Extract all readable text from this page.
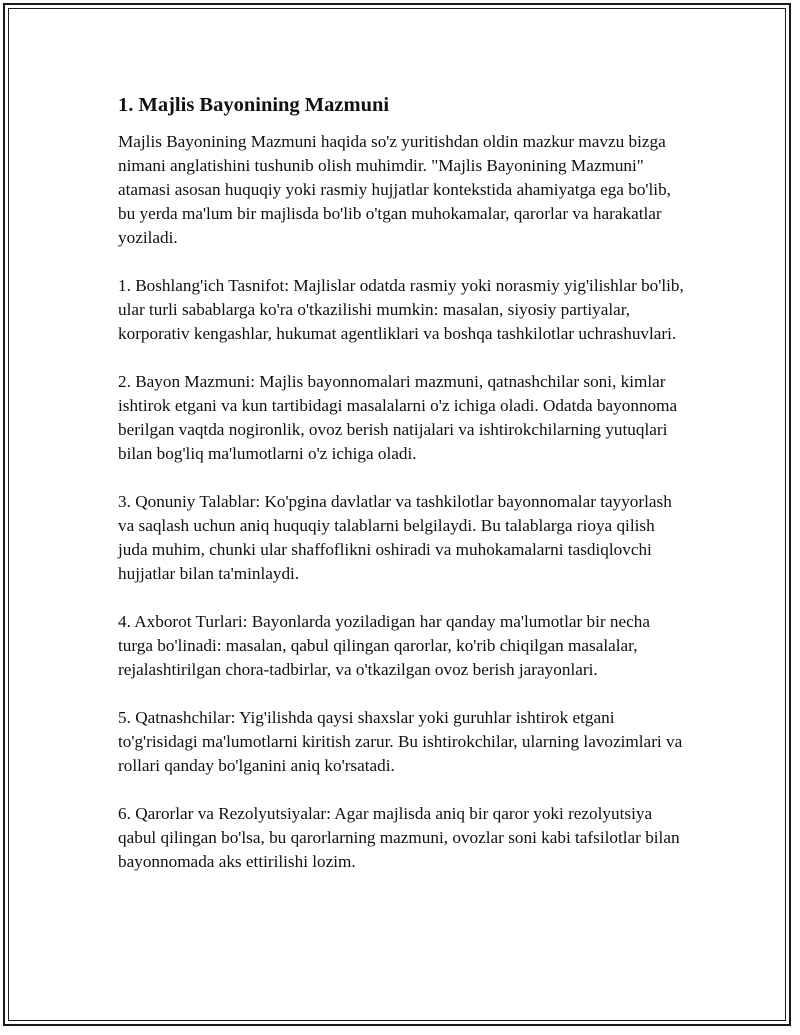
1. Majlis Bayonining Mazmuni

Majlis Bayonining Mazmuni haqida so'z yuritishdan oldin mazkur mavzu bizga nimani anglatishini tushunib olish muhimdir. "Majlis Bayonining Mazmuni" atamasi asosan huquqiy yoki rasmiy hujjatlar kontekstida ahamiyatga ega bo'lib, bu yerda ma'lum bir majlisda bo'lib o'tgan muhokamalar, qarorlar va harakatlar yoziladi.

1. Boshlang'ich Tasnifot: Majlislar odatda rasmiy yoki norasmiy yig'ilishlar bo'lib, ular turli sabablarga ko'ra o'tkazilishi mumkin: masalan, siyosiy partiyalar, korporativ kengashlar, hukumat agentliklari va boshqa tashkilotlar uchrashuvlari.

2. Bayon Mazmuni: Majlis bayonnomalari mazmuni, qatnashchilar soni, kimlar ishtirok etgani va kun tartibidagi masalalarni o'z ichiga oladi. Odatda bayonnoma berilgan vaqtda nogironlik, ovoz berish natijalari va ishtirokchilarning yutuqlari bilan bog'liq ma'lumotlarni o'z ichiga oladi.

3. Qonuniy Talablar: Ko'pgina davlatlar va tashkilotlar bayonnomalar tayyorlash va saqlash uchun aniq huquqiy talablarni belgilaydi. Bu talablarga rioya qilish juda muhim, chunki ular shaffoflikni oshiradi va muhokamalarni tasdiqlovchi hujjatlar bilan ta'minlaydi.

4. Axborot Turlari: Bayonlarda yoziladigan har qanday ma'lumotlar bir necha turga bo'linadi: masalan, qabul qilingan qarorlar, ko'rib chiqilgan masalalar, rejalashtirilgan chora-tadbirlar, va o'tkazilgan ovoz berish jarayonlari.

5. Qatnashchilar: Yig'ilishda qaysi shaxslar yoki guruhlar ishtirok etgani to'g'risidagi ma'lumotlarni kiritish zarur. Bu ishtirokchilar, ularning lavozimlari va rollari qanday bo'lganini aniq ko'rsatadi.

6. Qarorlar va Rezolyutsiyalar: Agar majlisda aniq bir qaror yoki rezolyutsiya qabul qilingan bo'lsa, bu qarorlarning mazmuni, ovozlar soni kabi tafsilotlar bilan bayonnomada aks ettirilishi lozim.
